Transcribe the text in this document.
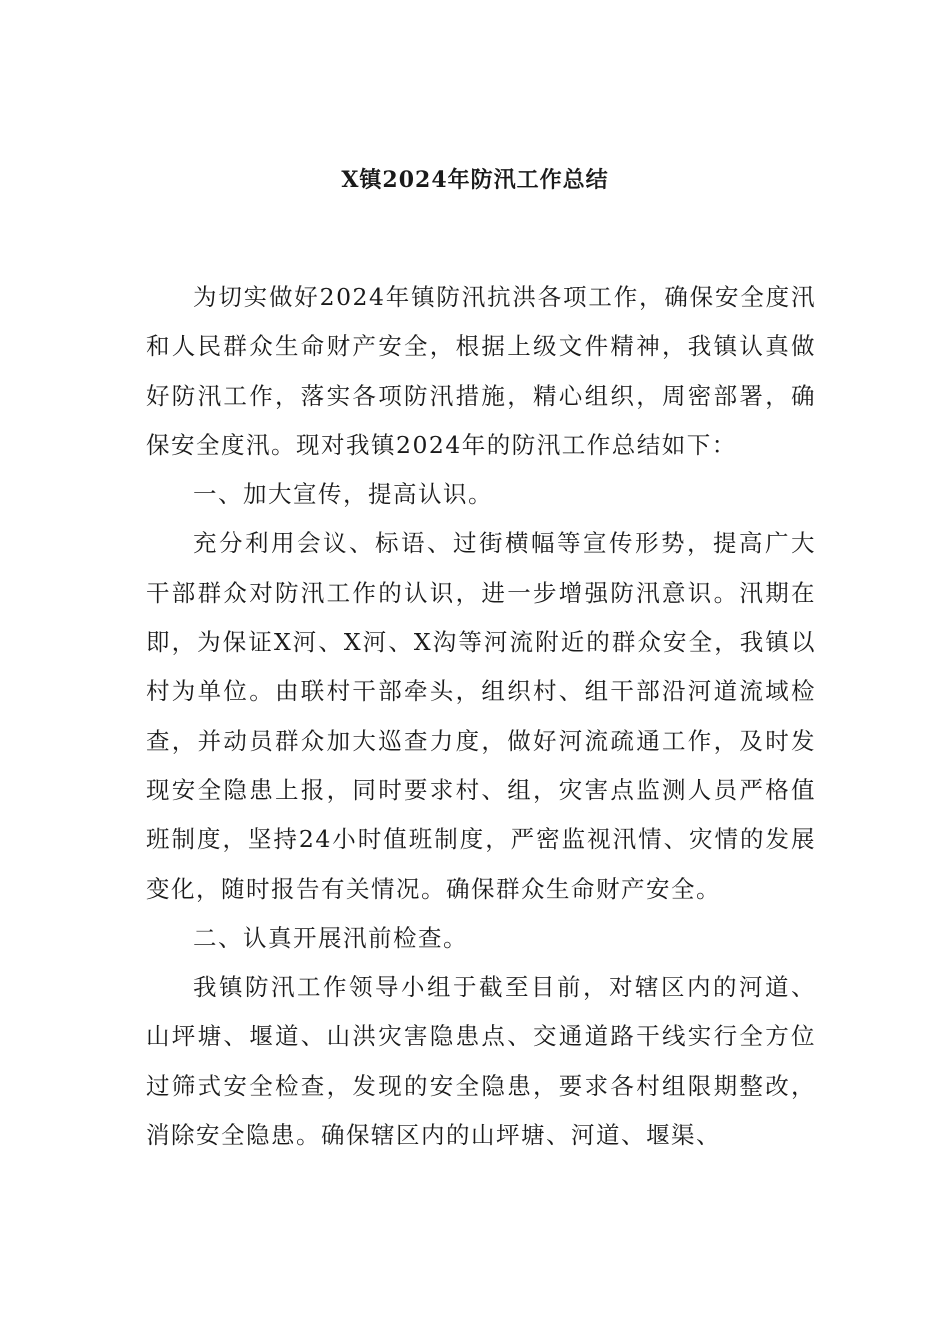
X镇2024年防汛工作总结

为切实做好2024年镇防汛抗洪各项工作，确保安全度汛和人民群众生命财产安全，根据上级文件精神，我镇认真做好防汛工作，落实各项防汛措施，精心组织，周密部署，确保安全度汛。现对我镇2024年的防汛工作总结如下：

一、加大宣传，提高认识。

充分利用会议、标语、过街横幅等宣传形势，提高广大干部群众对防汛工作的认识，进一步增强防汛意识。汛期在即，为保证X河、X河、X沟等河流附近的群众安全，我镇以村为单位。由联村干部牵头，组织村、组干部沿河道流域检查，并动员群众加大巡查力度，做好河流疏通工作，及时发现安全隐患上报，同时要求村、组，灾害点监测人员严格值班制度，坚持24小时值班制度，严密监视汛情、灾情的发展变化，随时报告有关情况。确保群众生命财产安全。

二、认真开展汛前检查。

我镇防汛工作领导小组于截至目前，对辖区内的河道、山坪塘、堰道、山洪灾害隐患点、交通道路干线实行全方位过筛式安全检查，发现的安全隐患，要求各村组限期整改，消除安全隐患。确保辖区内的山坪塘、河道、堰渠、
